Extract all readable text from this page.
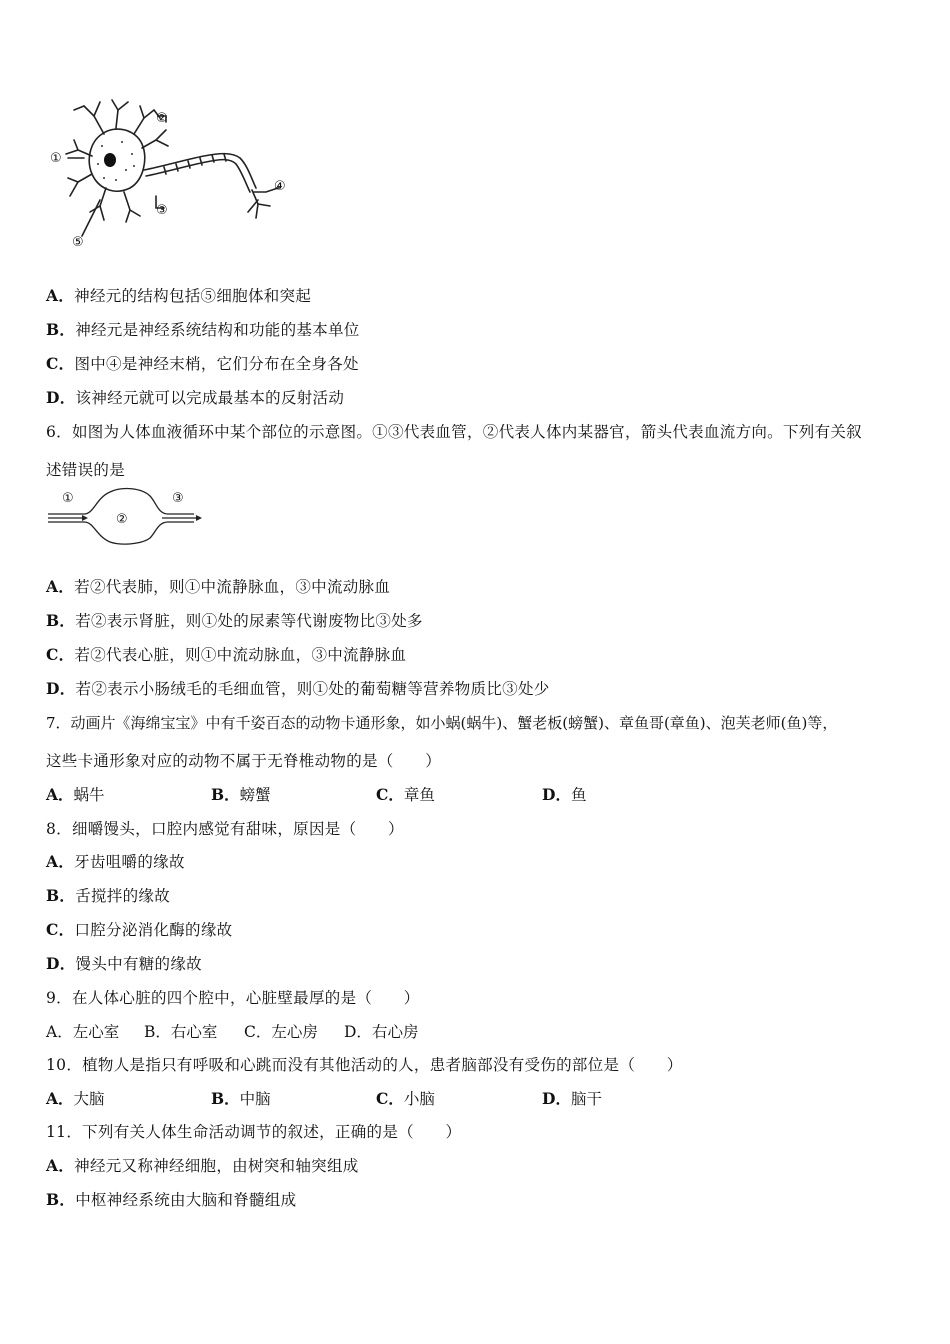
②
①
③
④
⑤
A．神经元的结构包括⑤细胞体和突起
B．神经元是神经系统结构和功能的基本单位
C．图中④是神经末梢，它们分布在全身各处
D．该神经元就可以完成最基本的反射活动
6．如图为人体血液循环中某个部位的示意图。①③代表血管，②代表人体内某器官，箭头代表血流方向。下列有关叙
述错误的是
①
②
③
A．若②代表肺，则①中流静脉血，③中流动脉血
B．若②表示肾脏，则①处的尿素等代谢废物比③处多
C．若②代表心脏，则①中流动脉血，③中流静脉血
D．若②表示小肠绒毛的毛细血管，则①处的葡萄糖等营养物质比③处少
7．动画片《海绵宝宝》中有千姿百态的动物卡通形象，如小蜗(蜗牛)、蟹老板(螃蟹)、章鱼哥(章鱼)、泡芙老师(鱼)等，
这些卡通形象对应的动物不属于无脊椎动物的是（　　）
A．蜗牛	B．螃蟹	C．章鱼	D．鱼
8．细嚼馒头，口腔内感觉有甜味，原因是（　　）
A．牙齿咀嚼的缘故
B．舌搅拌的缘故
C．口腔分泌消化酶的缘故
D．馒头中有糖的缘故
9．在人体心脏的四个腔中，心脏壁最厚的是（　　）
A．左心室 B．右心室 C．左心房 D．右心房
10．植物人是指只有呼吸和心跳而没有其他活动的人，患者脑部没有受伤的部位是（　　）
A．大脑	B．中脑	C．小脑	D．脑干
11．下列有关人体生命活动调节的叙述，正确的是（　　）
A．神经元又称神经细胞，由树突和轴突组成
B．中枢神经系统由大脑和脊髓组成
